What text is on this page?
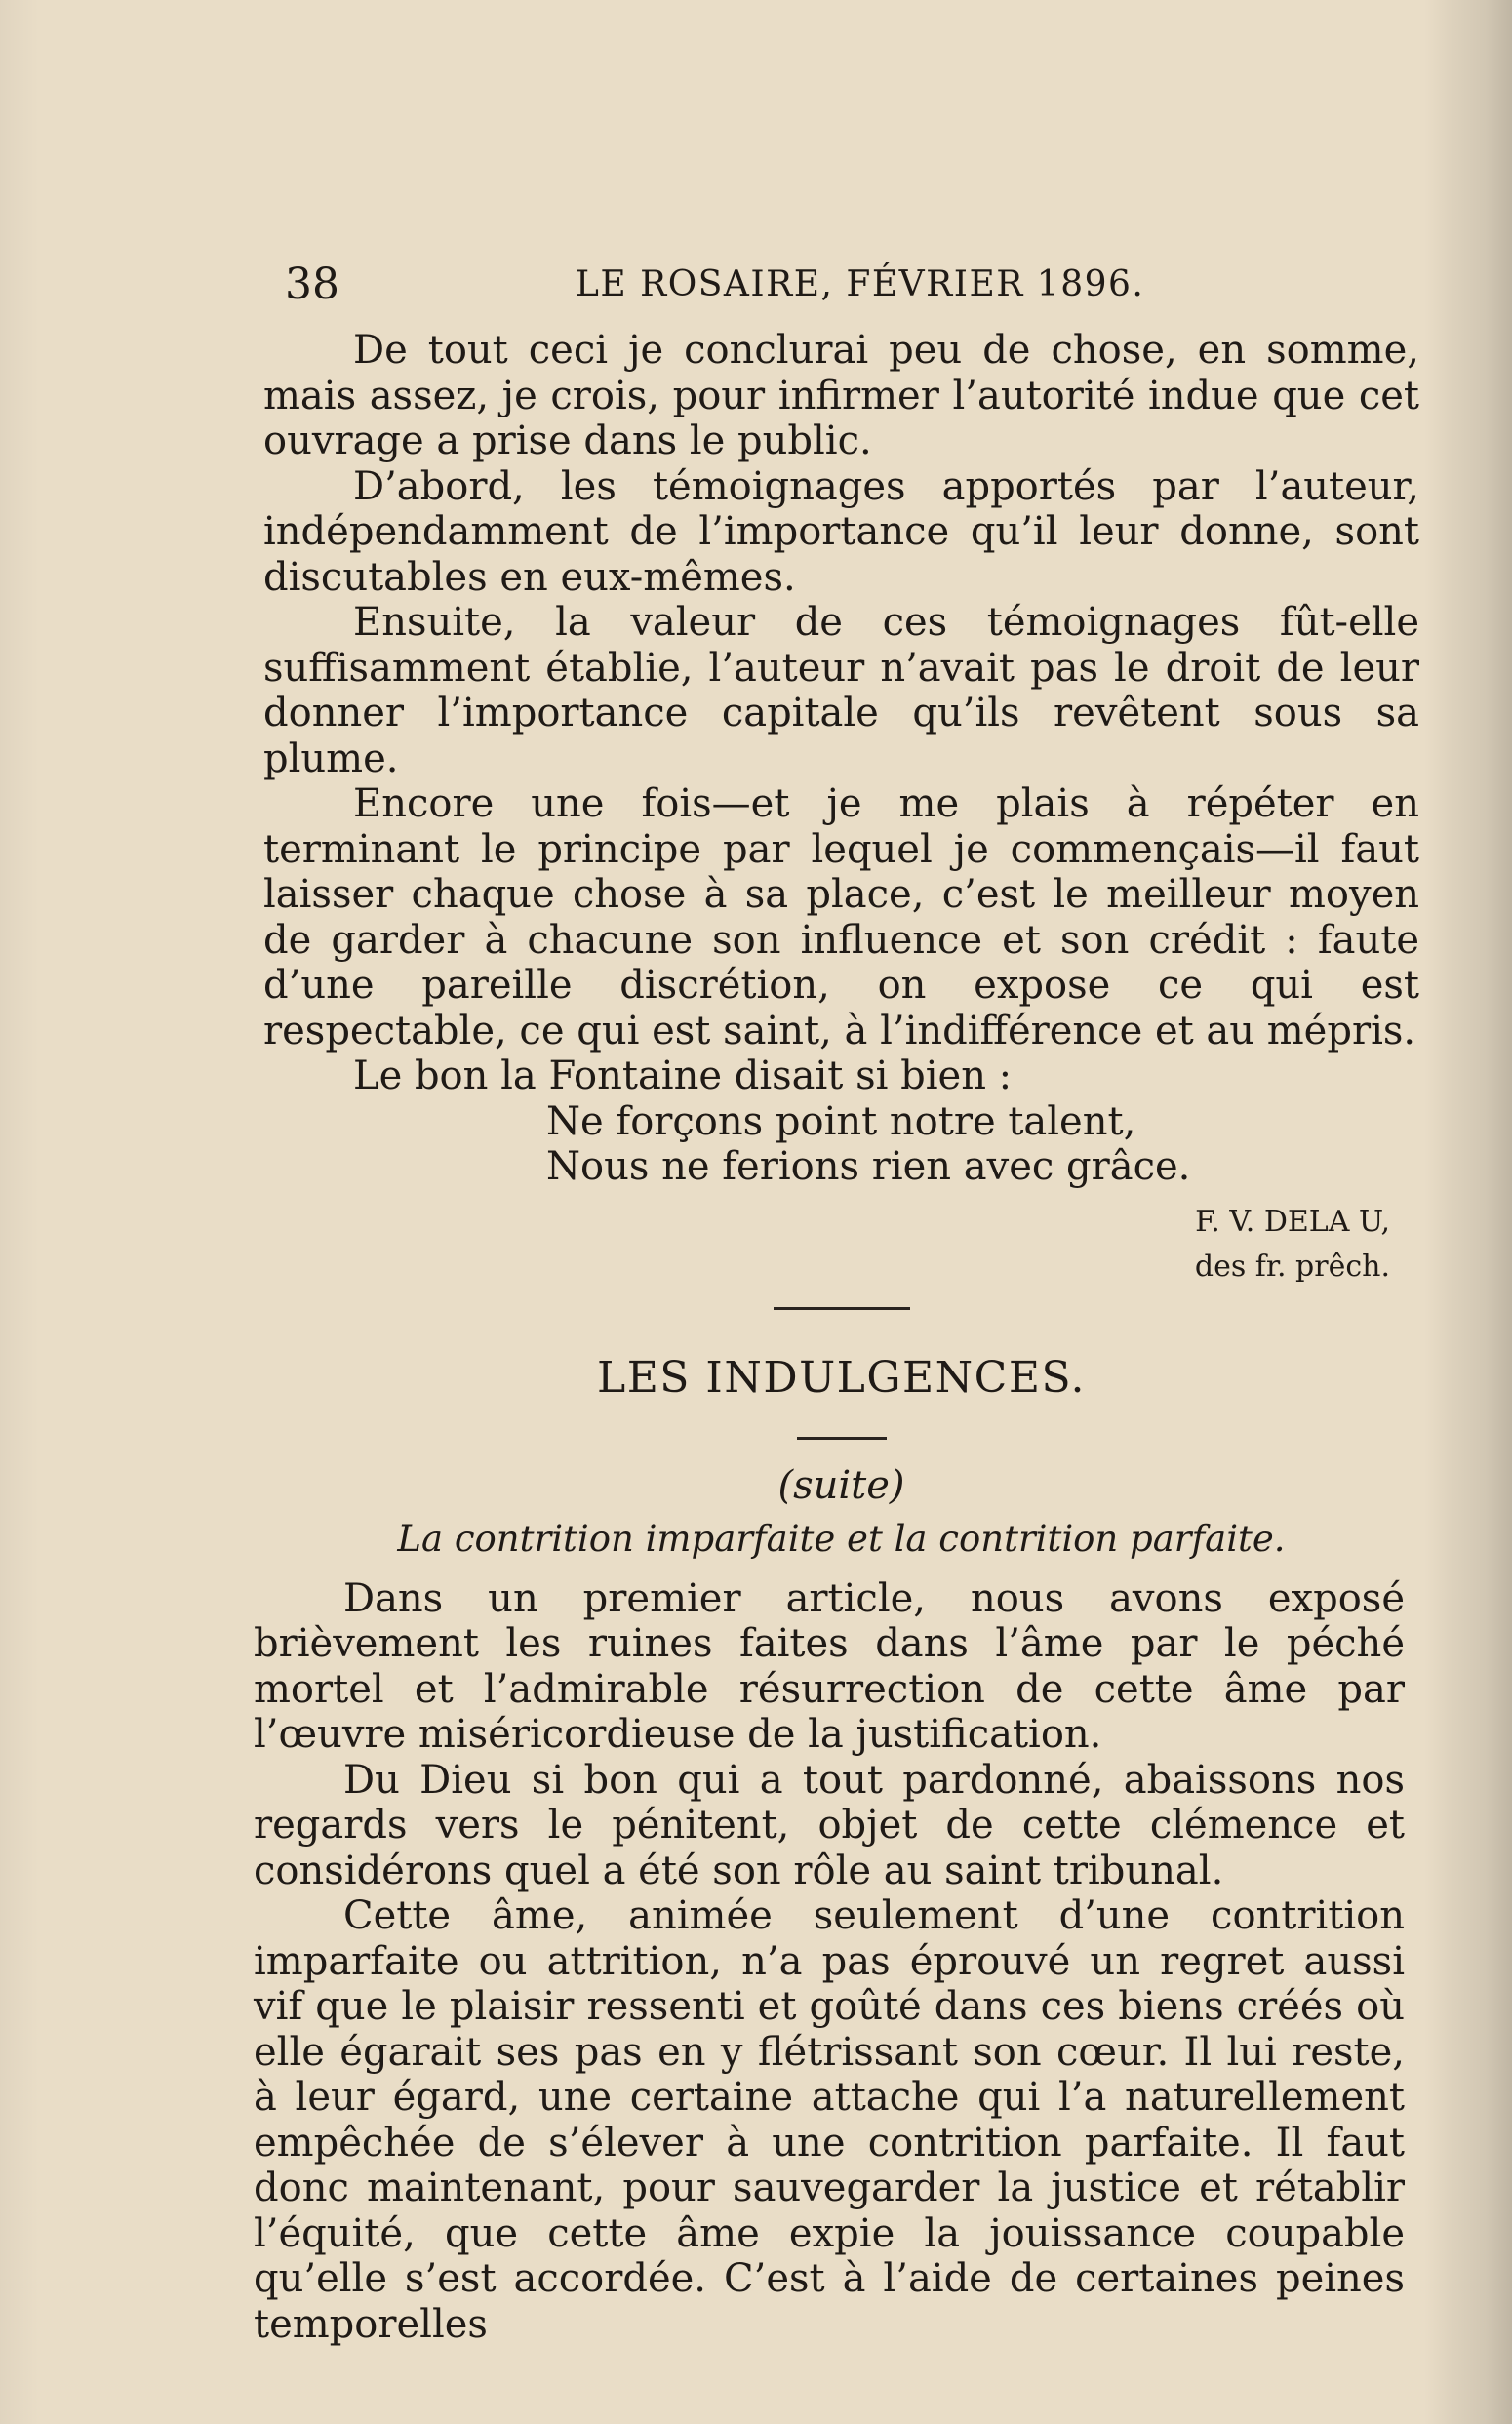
38	LE ROSAIRE, FÉVRIER 1896.

De tout ceci je conclurai peu de chose, en somme, mais assez, je crois, pour infirmer l’autorité indue que cet ouvrage a prise dans le public.

D’abord, les témoignages apportés par l’auteur, indépendamment de l’importance qu’il leur donne, sont discutables en eux-mêmes.

Ensuite, la valeur de ces témoignages fût-elle suffisamment établie, l’auteur n’avait pas le droit de leur donner l’importance capitale qu’ils revêtent sous sa plume.

Encore une fois—et je me plais à répéter en terminant le principe par lequel je commençais—il faut laisser chaque chose à sa place, c’est le meilleur moyen de garder à chacune son influence et son crédit : faute d’une pareille discrétion, on expose ce qui est respectable, ce qui est saint, à l’indifférence et au mépris.

Le bon la Fontaine disait si bien :

Ne forçons point notre talent,
Nous ne ferions rien avec grâce.
F. V. DELA U,
des fr. prêch.

LES INDULGENCES.

(suite)

La contrition imparfaite et la contrition parfaite.

Dans un premier article, nous avons exposé brièvement les ruines faites dans l’âme par le péché mortel et l’admirable résurrection de cette âme par l’œuvre miséricordieuse de la justification.

Du Dieu si bon qui a tout pardonné, abaissons nos regards vers le pénitent, objet de cette clémence et considérons quel a été son rôle au saint tribunal.

Cette âme, animée seulement d’une contrition imparfaite ou attrition, n’a pas éprouvé un regret aussi vif que le plaisir ressenti et goûté dans ces biens créés où elle égarait ses pas en y flétrissant son cœur. Il lui reste, à leur égard, une certaine attache qui l’a naturellement empêchée de s’élever à une contrition parfaite. Il faut donc maintenant, pour sauvegarder la justice et rétablir l’équité, que cette âme expie la jouissance coupable qu’elle s’est accordée. C’est à l’aide de certaines peines temporelles
